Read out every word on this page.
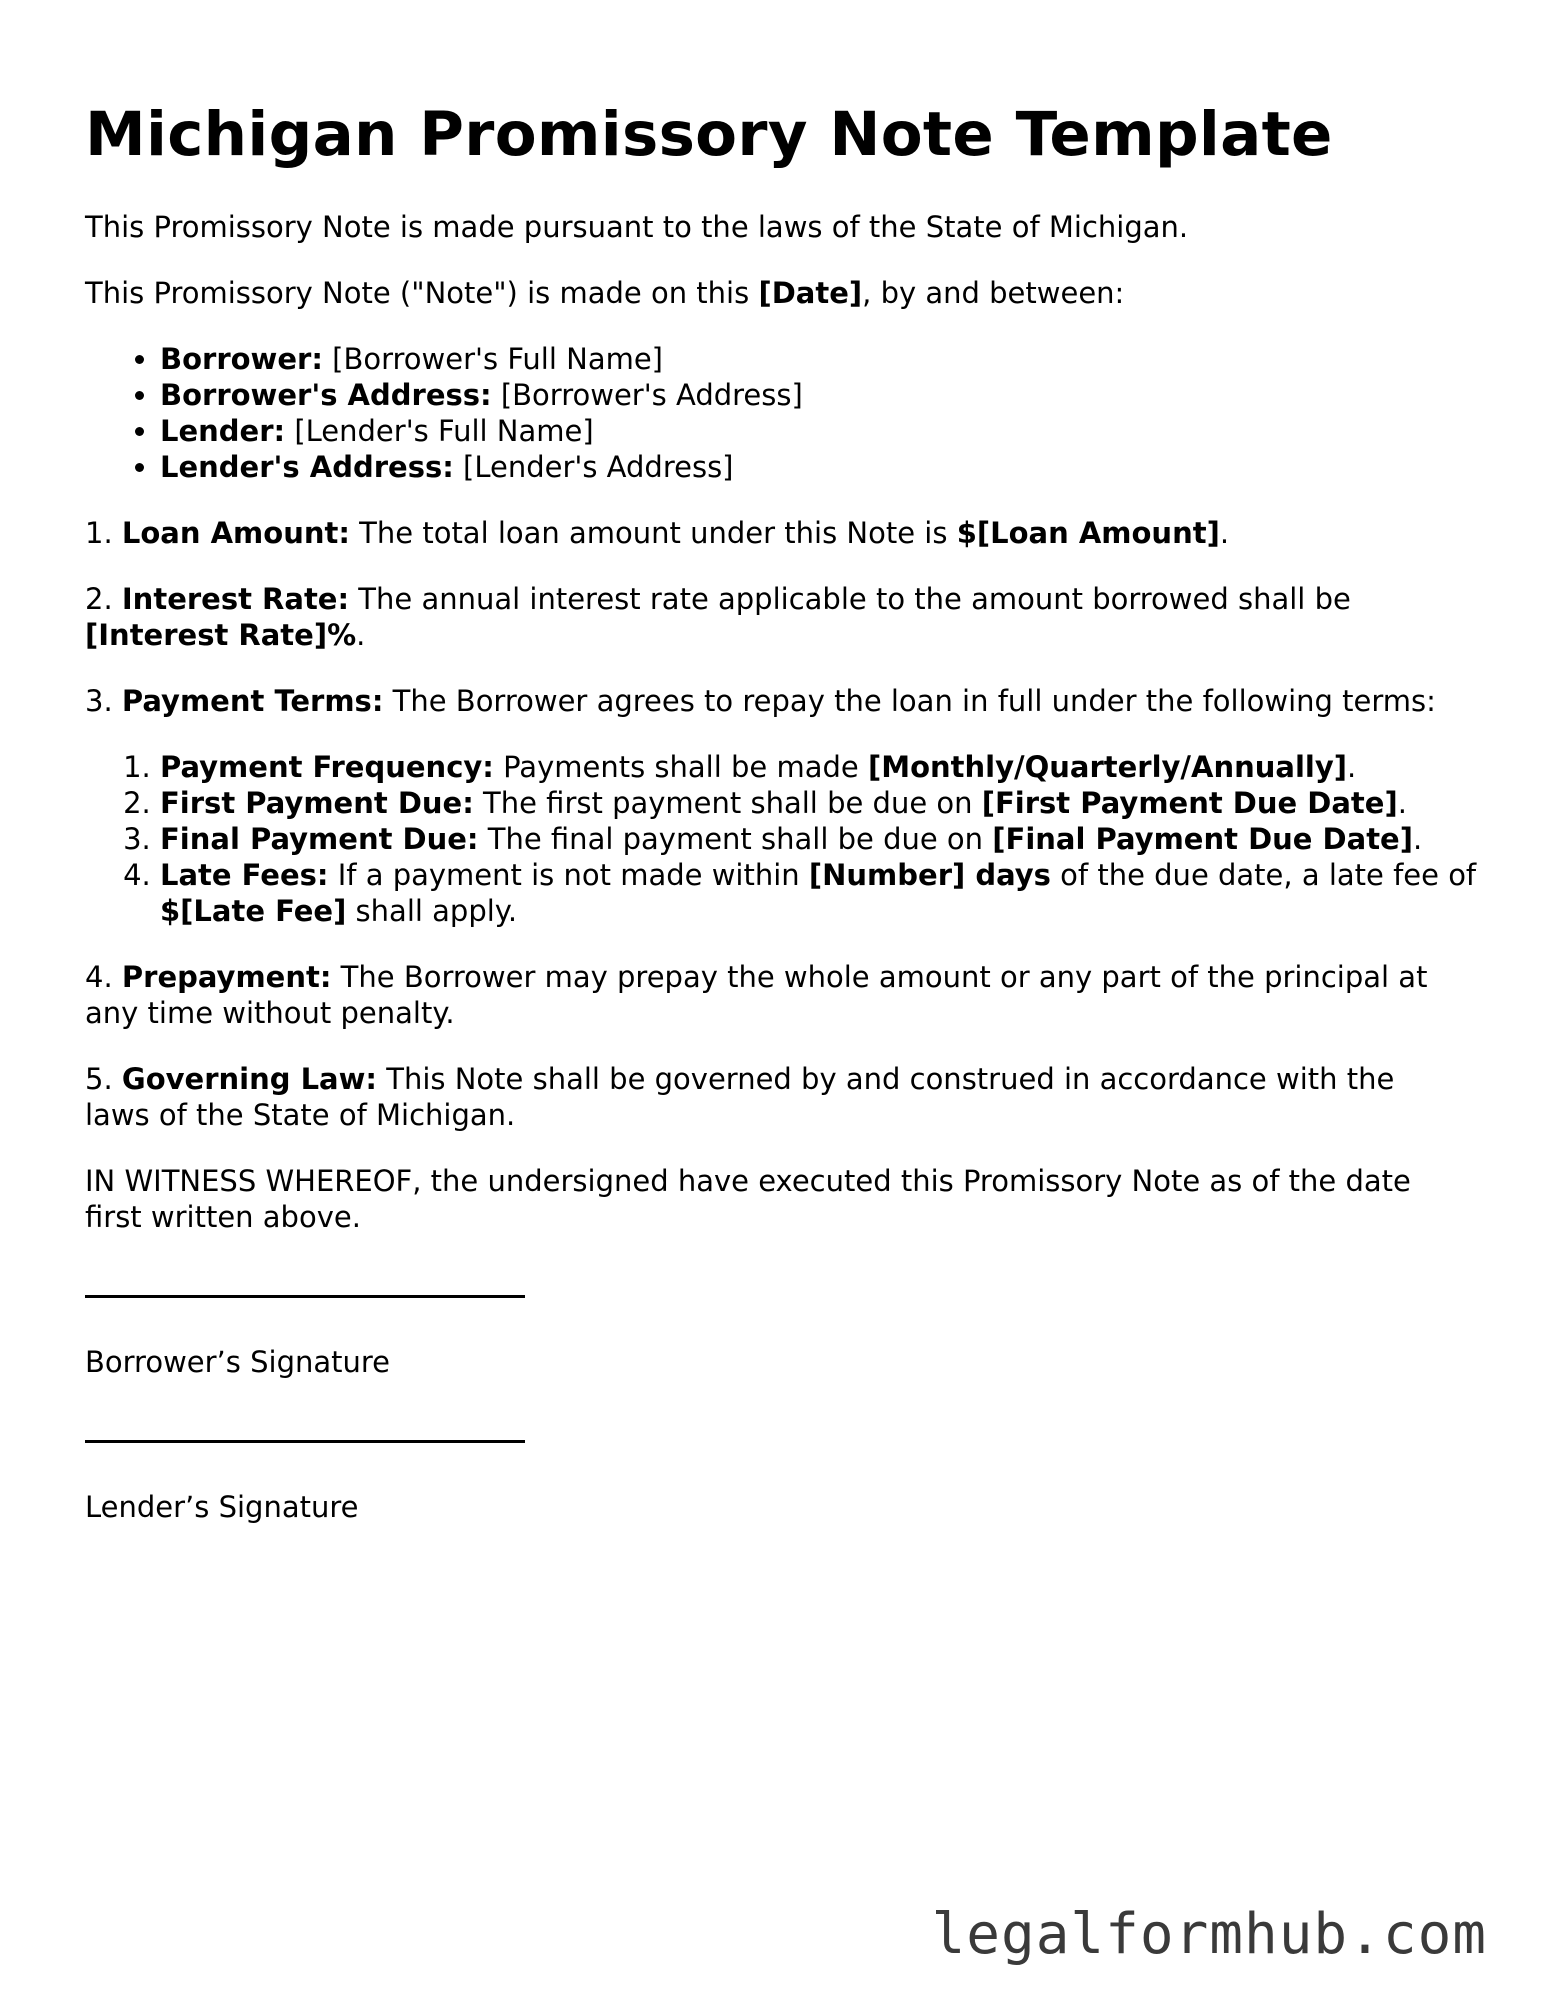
Michigan Promissory Note Template

This Promissory Note is made pursuant to the laws of the State of Michigan.

This Promissory Note ("Note") is made on this [Date], by and between:

• Borrower: [Borrower's Full Name]
• Borrower's Address: [Borrower's Address]
• Lender: [Lender's Full Name]
• Lender's Address: [Lender's Address]

1. Loan Amount: The total loan amount under this Note is $[Loan Amount].

2. Interest Rate: The annual interest rate applicable to the amount borrowed shall be [Interest Rate]%.

3. Payment Terms: The Borrower agrees to repay the loan in full under the following terms:

1. Payment Frequency: Payments shall be made [Monthly/Quarterly/Annually].
2. First Payment Due: The first payment shall be due on [First Payment Due Date].
3. Final Payment Due: The final payment shall be due on [Final Payment Due Date].
4. Late Fees: If a payment is not made within [Number] days of the due date, a late fee of $[Late Fee] shall apply.

4. Prepayment: The Borrower may prepay the whole amount or any part of the principal at any time without penalty.

5. Governing Law: This Note shall be governed by and construed in accordance with the laws of the State of Michigan.

IN WITNESS WHEREOF, the undersigned have executed this Promissory Note as of the date first written above.

Borrower’s Signature

Lender’s Signature

legalformhub.com
